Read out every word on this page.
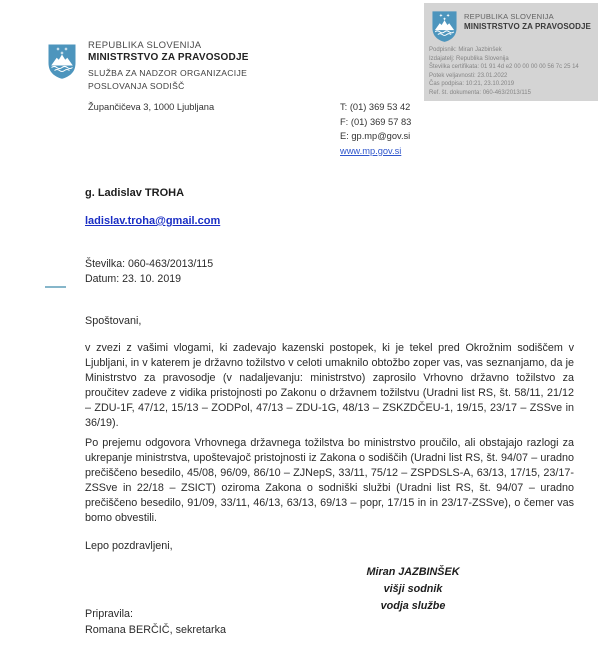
REPUBLIKA SLOVENIJA
MINISTRSTVO ZA PRAVOSODJE
SLUŽBA ZA NADZOR ORGANIZACIJE
POSLOVANJA SODIŠČ
Župančičeva 3, 1000 Ljubljana	T: (01) 369 53 42
F: (01) 369 57 83
E: gp.mp@gov.si
www.mp.gov.si
REPUBLIKA SLOVENIJA
MINISTRSTVO ZA PRAVOSODJE
Podpisnik: Miran Jazbinšek
Izdajatelj: Republika Slovenija
Številka certifikata: 01 91 4d e2 00 00 00 00 56 7c 25 14
Potek veljavnosti: 23.01.2022
Čas podpisa: 10:21, 23.10.2019
Ref. št. dokumenta: 060-463/2013/115
g. Ladislav TROHA
ladislav.troha@gmail.com
Številka: 060-463/2013/115
Datum: 23. 10. 2019
Spoštovani,
v zvezi z vašimi vlogami, ki zadevajo kazenski postopek, ki je tekel pred Okrožnim sodiščem v Ljubljani, in v katerem je državno tožilstvo v celoti umaknilo obtožbo zoper vas, vas seznanjamo, da je Ministrstvo za pravosodje (v nadaljevanju: ministrstvo) zaprosilo Vrhovno državno tožilstvo za proučitev zadeve z vidika pristojnosti po Zakonu o državnem tožilstvu (Uradni list RS, št. 58/11, 21/12 – ZDU-1F, 47/12, 15/13 – ZODPol, 47/13 – ZDU-1G, 48/13 – ZSKZDČEU-1, 19/15, 23/17 – ZSSve in 36/19).
Po prejemu odgovora Vrhovnega državnega tožilstva bo ministrstvo proučilo, ali obstajajo razlogi za ukrepanje ministrstva, upoštevajoč pristojnosti iz Zakona o sodiščih (Uradni list RS, št. 94/07 – uradno prečiščeno besedilo, 45/08, 96/09, 86/10 – ZJNepS, 33/11, 75/12 – ZSPDSLS-A, 63/13, 17/15, 23/17-ZSSve in 22/18 – ZSICT) oziroma Zakona o sodniški službi (Uradni list RS, št. 94/07 – uradno prečiščeno besedilo, 91/09, 33/11, 46/13, 63/13, 69/13 – popr, 17/15 in in 23/17-ZSSve), o čemer vas bomo obvestili.
Lepo pozdravljeni,
Miran JAZBINŠEK
višji sodnik
vodja službe
Pripravila:
Romana BERČIČ, sekretarka
